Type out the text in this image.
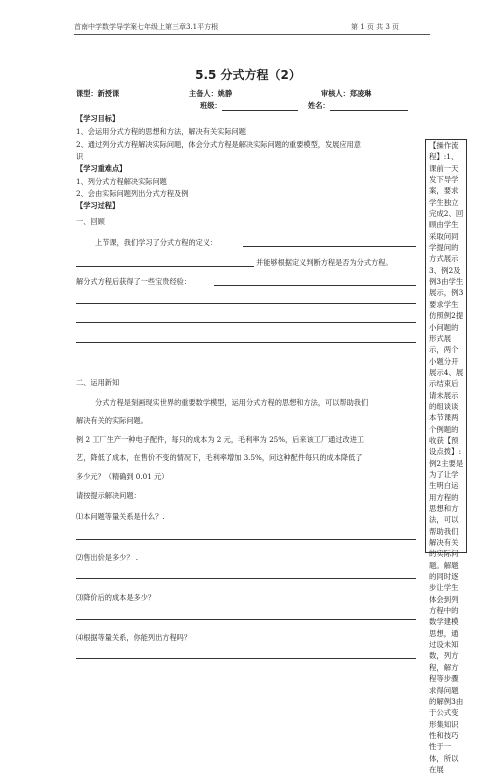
首南中学数学导学案七年级上第三章3.1平方根	第 1 页 共 3 页
5.5 分式方程（2）
课型：新授课	主备人：姚静	审核人：郑凌琳
班级：	姓名：
【学习目标】
1、会运用分式方程的思想和方法，解决有关实际问题
2、通过列分式方程解决实际问题，体会分式方程是解决实际问题的重要模型，发展应用意
识
【学习重难点】
1、列分式方程解决实际问题
2、会由实际问题列出分式方程及例
【学习过程】
一、回顾
上节课，我们学习了分式方程的定义：
并能够根据定义判断方程是否为分式方程。
解分式方程后获得了一些宝贵经验：
二、运用新知
分式方程是刻画现实世界的重要数学模型，运用分式方程的思想和方法，可以帮助我们
解决有关的实际问题。
例 2 工厂生产一种电子配件，每只的成本为 2 元，毛利率为 25%，后来该工厂通过改进工
艺，降低了成本，在售价不变的情况下，毛利率增加 3.5%，问这种配件每只的成本降低了
多少元？（精确到 0.01 元）
请按提示解决问题：
⑴本问题等量关系是什么？.
⑵售出价是多少？ .
⑶降价后的成本是多少？
⑷根据等量关系，你能列出方程吗？
【操作流程】:1、课前一天发下导学案，要求学生独立完成2、回顾由学生采取问同学提问的方式展示3、例2及例3由学生展示，例3要求学生仿照例2提小问题的形式展示，两个小题分开展示4、展示结束后请未展示的组谈谈本节课两个例题的收获【预设点拨】:例2主要是为了让学生明白运用方程的思想和方法，可以帮助我们解决有关的实际问题。解题的同时逐步让学生体会到列方程中的数学建模思想，通过设未知数，列方程，解方程等步骤求得问题的解例3由于公式变形集知识性和技巧性于一体，所以在展
